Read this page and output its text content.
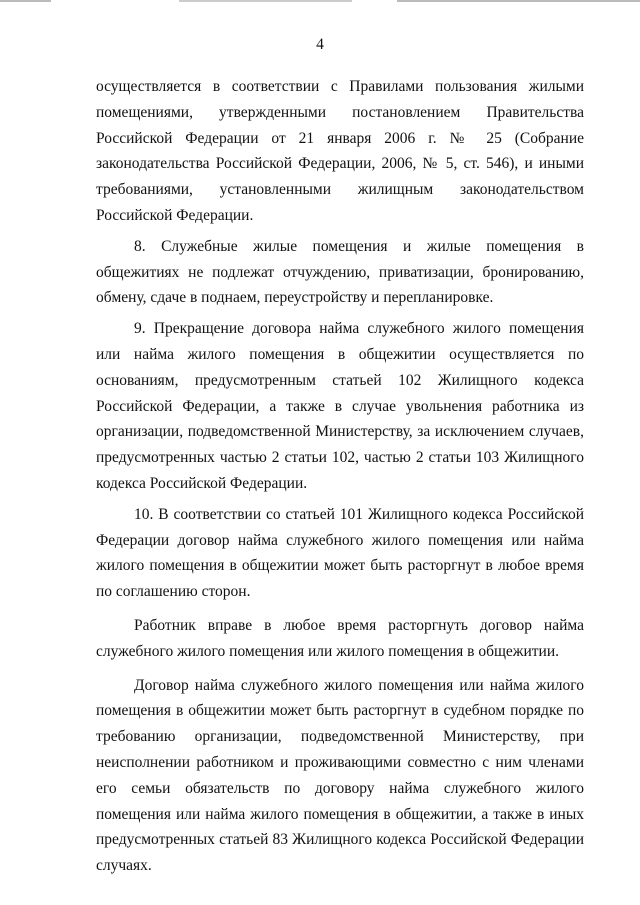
4

осуществляется в соответствии с Правилами пользования жилыми помещениями, утвержденными постановлением Правительства Российской Федерации от 21 января 2006 г. № 25 (Собрание законодательства Российской Федерации, 2006, № 5, ст. 546), и иными требованиями, установленными жилищным законодательством Российской Федерации.

8. Служебные жилые помещения и жилые помещения в общежитиях не подлежат отчуждению, приватизации, бронированию, обмену, сдаче в поднаем, переустройству и перепланировке.

9. Прекращение договора найма служебного жилого помещения или найма жилого помещения в общежитии осуществляется по основаниям, предусмотренным статьей 102 Жилищного кодекса Российской Федерации, а также в случае увольнения работника из организации, подведомственной Министерству, за исключением случаев, предусмотренных частью 2 статьи 102, частью 2 статьи 103 Жилищного кодекса Российской Федерации.

10. В соответствии со статьей 101 Жилищного кодекса Российской Федерации договор найма служебного жилого помещения или найма жилого помещения в общежитии может быть расторгнут в любое время по соглашению сторон.

Работник вправе в любое время расторгнуть договор найма служебного жилого помещения или жилого помещения в общежитии.

Договор найма служебного жилого помещения или найма жилого помещения в общежитии может быть расторгнут в судебном порядке по требованию организации, подведомственной Министерству, при неисполнении работником и проживающими совместно с ним членами его семьи обязательств по договору найма служебного жилого помещения или найма жилого помещения в общежитии, а также в иных предусмотренных статьей 83 Жилищного кодекса Российской Федерации случаях.
